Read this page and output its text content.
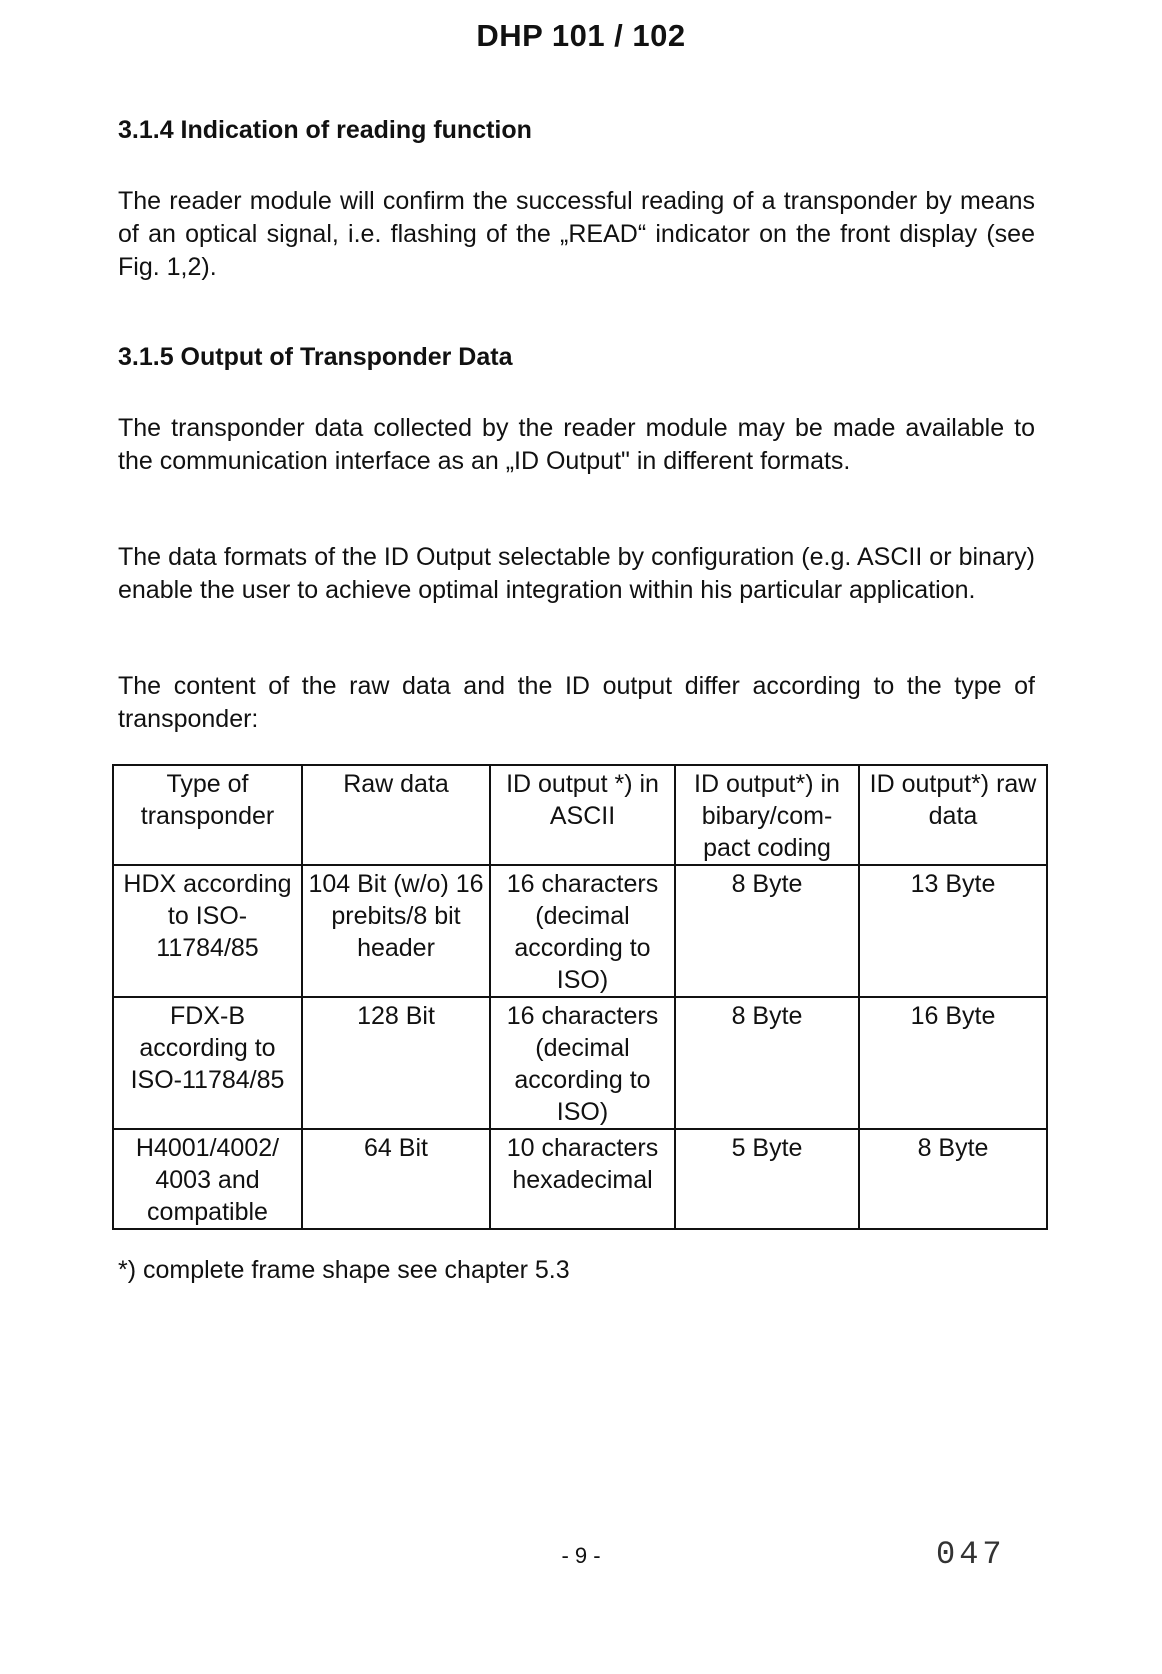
DHP 101 / 102
3.1.4 Indication of reading function
The reader module will confirm the successful reading of a transponder by means of an optical signal, i.e. flashing of the „READ“ indicator on the front display (see Fig. 1,2).
3.1.5 Output of Transponder Data
The transponder data collected by the reader module may be made available to the communication interface as an „ID Output" in different formats.
The data formats of the ID Output selectable by configuration (e.g. ASCII or binary) enable the user to achieve optimal integration within his particular application.
The content of the raw data and the ID output differ according to the type of transponder:
Type of transponder	Raw data	ID output *) in ASCII	ID output*) in bibary/com-pact coding	ID output*) raw data
HDX according to ISO-11784/85	104 Bit (w/o) 16 prebits/8 bit header	16 characters (decimal according to ISO)	8 Byte	13 Byte
FDX-B according to ISO-11784/85	128 Bit	16 characters (decimal according to ISO)	8 Byte	16 Byte
H4001/4002/ 4003 and compatible	64 Bit	10 characters hexadecimal	5 Byte	8 Byte
*) complete frame shape see chapter 5.3
- 9 -	047
